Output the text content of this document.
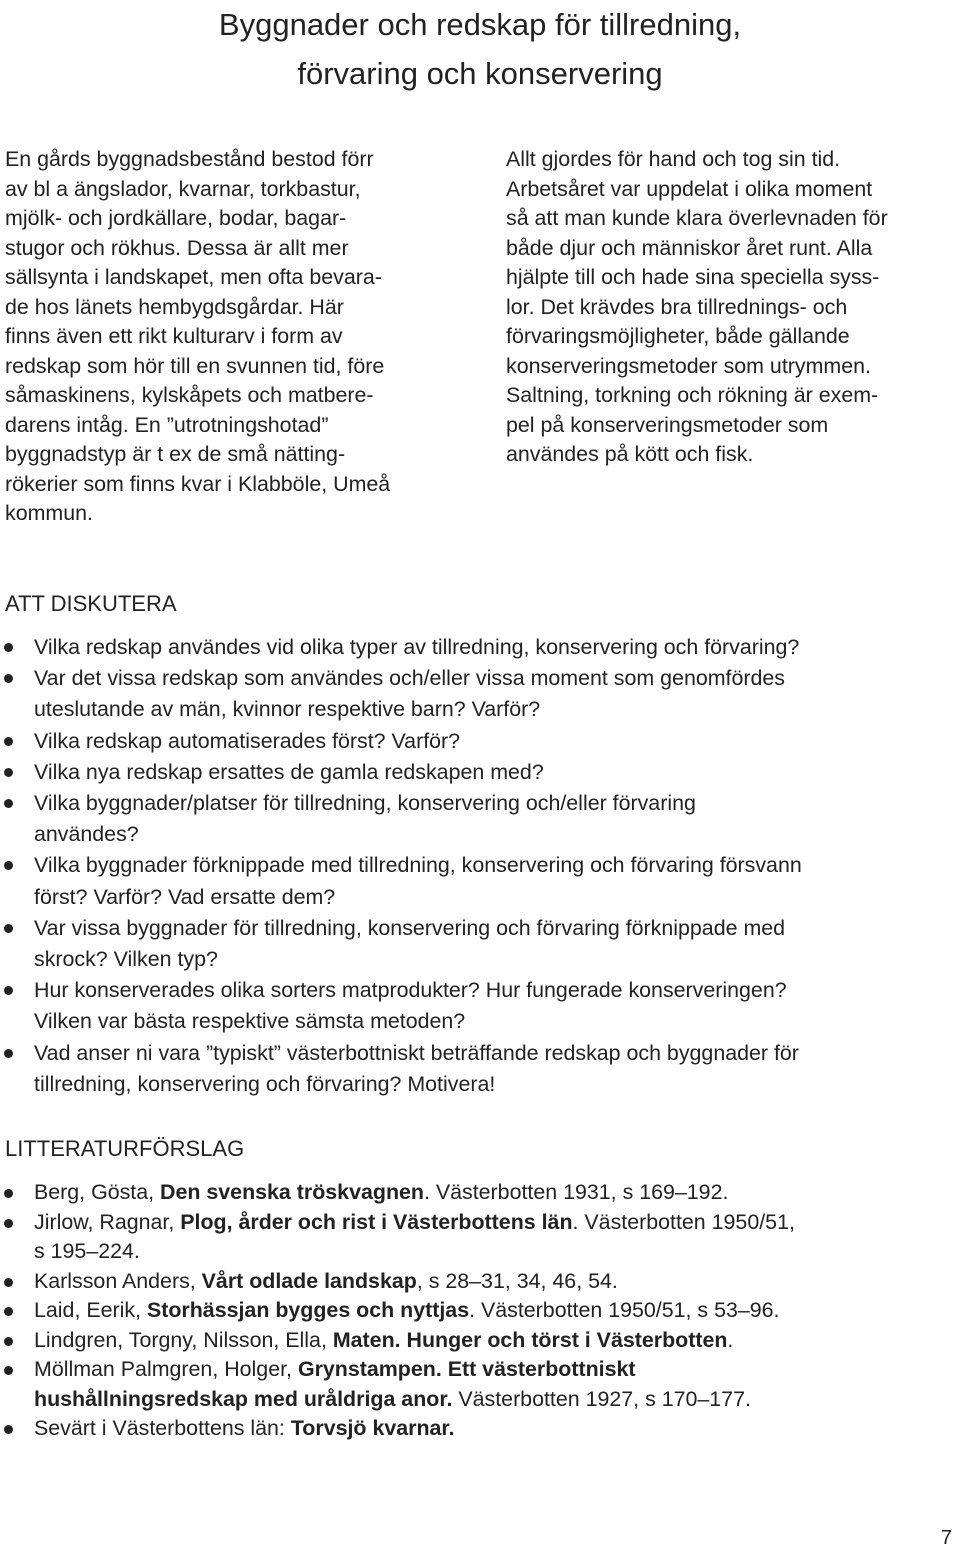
Byggnader och redskap för tillredning,
förvaring och konservering
En gårds byggnadsbestånd bestod förr
av bl a ängslador, kvarnar, torkbastur,
mjölk- och jordkällare, bodar, bagar-
stugor och rökhus. Dessa är allt mer
sällsynta i landskapet, men ofta bevara-
de hos länets hembygdsgårdar. Här
finns även ett rikt kulturarv i form av
redskap som hör till en svunnen tid, före
såmaskinens, kylskåpets och matbere-
darens intåg. En ”utrotningshotad”
byggnadstyp är t ex de små nätting-
rökerier som finns kvar i Klabböle, Umeå
kommun.
Allt gjordes för hand och tog sin tid.
Arbetsåret var uppdelat i olika moment
så att man kunde klara överlevnaden för
både djur och människor året runt. Alla
hjälpte till och hade sina speciella syss-
lor. Det krävdes bra tillrednings- och
förvaringsmöjligheter, både gällande
konserveringsmetoder som utrymmen.
Saltning, torkning och rökning är exem-
pel på konserveringsmetoder som
användes på kött och fisk.
ATT DISKUTERA
Vilka redskap användes vid olika typer av tillredning, konservering och förvaring?
Var det vissa redskap som användes och/eller vissa moment som genomfördes
uteslutande av män, kvinnor respektive barn? Varför?
Vilka redskap automatiserades först? Varför?
Vilka nya redskap ersattes de gamla redskapen med?
Vilka byggnader/platser för tillredning, konservering och/eller förvaring
användes?
Vilka byggnader förknippade med tillredning, konservering och förvaring försvann
först? Varför? Vad ersatte dem?
Var vissa byggnader för tillredning, konservering och förvaring förknippade med
skrock? Vilken typ?
Hur konserverades olika sorters matprodukter? Hur fungerade konserveringen?
Vilken var bästa respektive sämsta metoden?
Vad anser ni vara ”typiskt” västerbottniskt beträffande redskap och byggnader för
tillredning, konservering och förvaring? Motivera!
LITTERATURFÖRSLAG
Berg, Gösta, Den svenska tröskvagnen. Västerbotten 1931, s 169–192.
Jirlow, Ragnar, Plog, årder och rist i Västerbottens län. Västerbotten 1950/51,
s 195–224.
Karlsson Anders, Vårt odlade landskap, s 28–31, 34, 46, 54.
Laid, Eerik, Storhässjan bygges och nyttjas. Västerbotten 1950/51, s 53–96.
Lindgren, Torgny, Nilsson, Ella, Maten. Hunger och törst i Västerbotten.
Möllman Palmgren, Holger, Grynstampen. Ett västerbottniskt
hushållningsredskap med uråldriga anor. Västerbotten 1927, s 170–177.
Sevärt i Västerbottens län: Torvsjö kvarnar.
7
